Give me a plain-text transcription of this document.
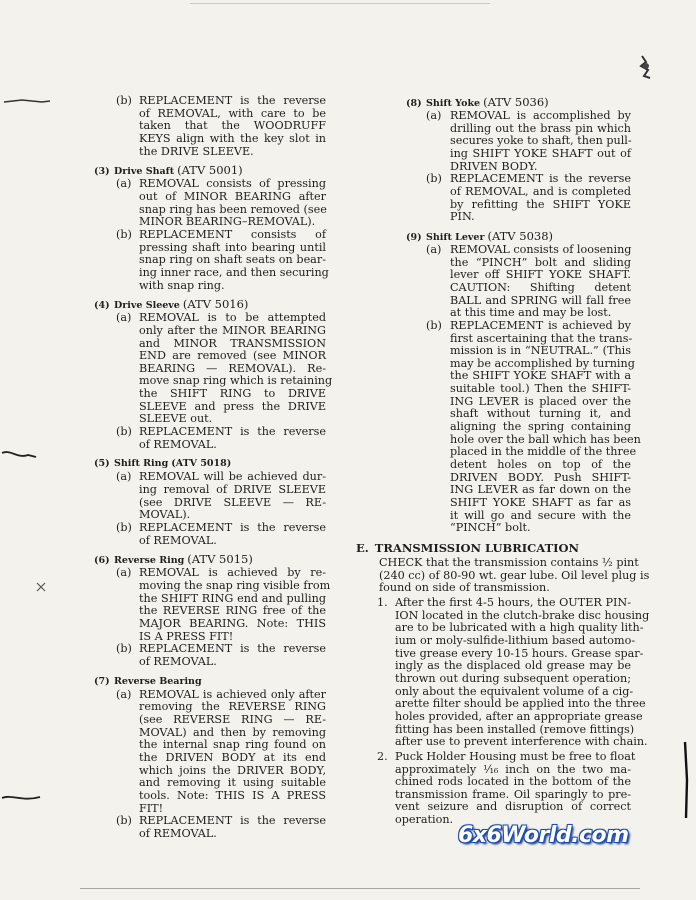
(b) REPLACEMENT is the reverse
of REMOVAL, with care to be
taken that the WOODRUFF
KEYS align with the key slot in
the DRIVE SLEEVE.
(3) Drive Shaft (ATV 5001)
(a) REMOVAL consists of pressing
out of MINOR BEARING after
snap ring has been removed (see
MINOR BEARING–REMOVAL).
(b) REPLACEMENT consists of
pressing shaft into bearing until
snap ring on shaft seats on bear-
ing inner race, and then securing
with snap ring.
(4) Drive Sleeve (ATV 5016)
(a) REMOVAL is to be attempted
only after the MINOR BEARING
and MINOR TRANSMISSION
END are removed (see MINOR
BEARING — REMOVAL). Re-
move snap ring which is retaining
the SHIFT RING to DRIVE
SLEEVE and press the DRIVE
SLEEVE out.
(b) REPLACEMENT is the reverse
of REMOVAL.
(5) Shift Ring (ATV 5018)
(a) REMOVAL will be achieved dur-
ing removal of DRIVE SLEEVE
(see DRIVE SLEEVE — RE-
MOVAL).
(b) REPLACEMENT is the reverse
of REMOVAL.
(6) Reverse Ring (ATV 5015)
(a) REMOVAL is achieved by re-
moving the snap ring visible from
the SHIFT RING end and pulling
the REVERSE RING free of the
MAJOR BEARING. Note: THIS
IS A PRESS FIT!
(b) REPLACEMENT is the reverse
of REMOVAL.
(7) Reverse Bearing
(a) REMOVAL is achieved only after
removing the REVERSE RING
(see REVERSE RING — RE-
MOVAL) and then by removing
the internal snap ring found on
the DRIVEN BODY at its end
which joins the DRIVER BODY,
and removing it using suitable
tools. Note: THIS IS A PRESS
FIT!
(b) REPLACEMENT is the reverse
of REMOVAL.
(8) Shift Yoke (ATV 5036)
(a) REMOVAL is accomplished by
drilling out the brass pin which
secures yoke to shaft, then pull-
ing SHIFT YOKE SHAFT out of
DRIVEN BODY.
(b) REPLACEMENT is the reverse
of REMOVAL, and is completed
by refitting the SHIFT YOKE
PIN.
(9) Shift Lever (ATV 5038)
(a) REMOVAL consists of loosening
the “PINCH” bolt and sliding
lever off SHIFT YOKE SHAFT.
CAUTION: Shifting detent
BALL and SPRING will fall free
at this time and may be lost.
(b) REPLACEMENT is achieved by
first ascertaining that the trans-
mission is in “NEUTRAL.” (This
may be accomplished by turning
the SHIFT YOKE SHAFT with a
suitable tool.) Then the SHIFT-
ING LEVER is placed over the
shaft without turning it, and
aligning the spring containing
hole over the ball which has been
placed in the middle of the three
detent holes on top of the
DRIVEN BODY. Push SHIFT-
ING LEVER as far down on the
SHIFT YOKE SHAFT as far as
it will go and secure with the
“PINCH” bolt.
E. TRANSMISSION LUBRICATION
CHECK that the transmission contains ½ pint
(240 cc) of 80-90 wt. gear lube. Oil level plug is
found on side of transmission.
1. After the first 4-5 hours, the OUTER PIN-
ION located in the clutch-brake disc housing
are to be lubricated with a high quality lith-
ium or moly-sulfide-lithium based automo-
tive grease every 10-15 hours. Grease spar-
ingly as the displaced old grease may be
thrown out during subsequent operation;
only about the equivalent volume of a cig-
arette filter should be applied into the three
holes provided, after an appropriate grease
fitting has been installed (remove fittings)
after use to prevent interference with chain.
2. Puck Holder Housing must be free to float
approximately ¹⁄₁₆ inch on the two ma-
chined rods located in the bottom of the
transmission frame. Oil sparingly to pre-
vent seizure and disruption of correct
operation.
6x6World.com
